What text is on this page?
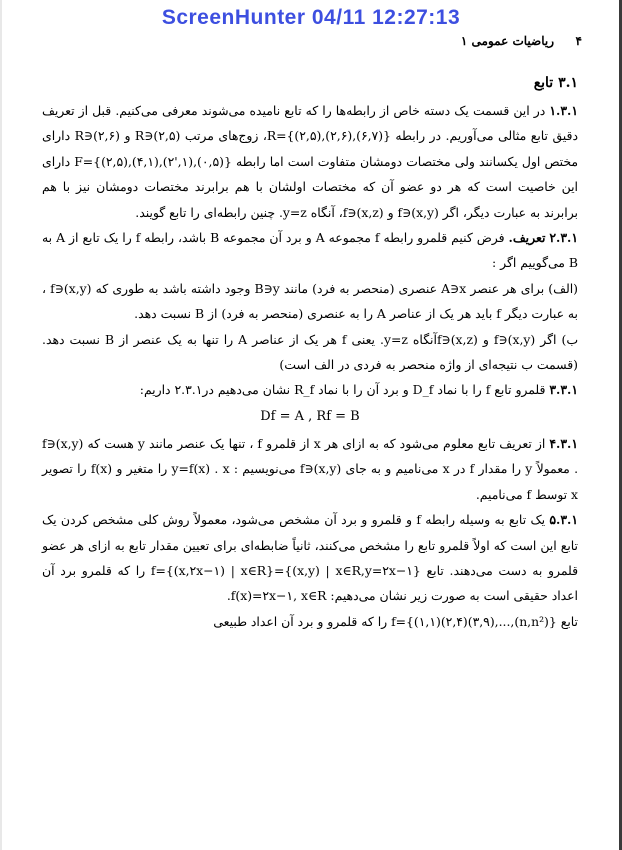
ScreenHunter 04/11 12:27:13
۴
ریاضیات عمومی ۱

۳.۱ تابع

۱.۳.۱ در این قسمت یک دسته خاص از رابطه‌ها را که تابع نامیده می‌شوند معرفی می‌کنیم. قبل از تعریف دقیق تابع مثالی می‌آوریم. در رابطه R={(۲,۵),(۲,۶),(۶,۷)}، زوج‌های مرتب R∋(۲,۵) و R∋(۲,۶) دارای مختص اول یکسانند ولی مختصات دومشان متفاوت است اما رابطه F={(۲,۵),(۴,۱),(۲',۱),(۰,۵)} دارای این خاصیت است که هر دو عضو آن که مختصات اولشان با هم برابرند مختصات دومشان نیز با هم برابرند به عبارت دیگر، اگر f∋(x,y) و f∋(x,z)، آنگاه y=z. چنین رابطه‌ای را تابع گویند.

۲.۳.۱ تعریف. فرض کنیم قلمرو رابطه f مجموعه A و برد آن مجموعه B باشد، رابطه f را یک تابع از A به B می‌گوییم اگر :

(الف) برای هر عنصر A∋x عنصری (منحصر به فرد) مانند B∋y وجود داشته باشد به طوری که f∋(x,y) ، به عبارت دیگر f باید هر یک از عناصر A را به عنصری (منحصر به فرد) از B نسبت دهد.

ب) اگر f∋(x,y) و f∋(x,z)آنگاه y=z. یعنی f هر یک از عناصر A را تنها به یک عنصر از B نسبت دهد. (قسمت ب نتیجه‌ای از واژه منحصر به فردی در الف است)

۳.۳.۱ قلمرو تابع f را با نماد D_f و برد آن را با نماد R_f نشان می‌دهیم در۲.۳.۱ داریم:

Df = A , Rf = B

۴.۳.۱ از تعریف تابع معلوم می‌شود که به ازای هر x از قلمرو f ، تنها یک عنصر مانند y هست که f∋(x,y) . معمولاً y را مقدار f در x می‌نامیم و به جای f∋(x,y) می‌نویسیم : y=f(x) . x را متغیر و f(x) را تصویر x توسط f می‌نامیم.

۵.۳.۱ یک تابع به وسیله رابطه f و قلمرو و برد آن مشخص می‌شود، معمولاً روش کلی مشخص کردن یک تابع این است که اولاً قلمرو تابع را مشخص می‌کنند، ثانیاً ضابطه‌ای برای تعیین مقدار تابع به ازای هر عضو قلمرو به دست می‌دهند. تابع f={(x,۲x−۱) | x∈R}={(x,y) | x∈R,y=۲x−۱} را که قلمرو برد آن اعداد حقیقی است به صورت زیر نشان می‌دهیم: f(x)=۲x−۱, x∈R.

تابع f={(۱,۱)(۲,۴)(۳,۹),...,(n,n²)} را که قلمرو و برد آن اعداد طبیعی
